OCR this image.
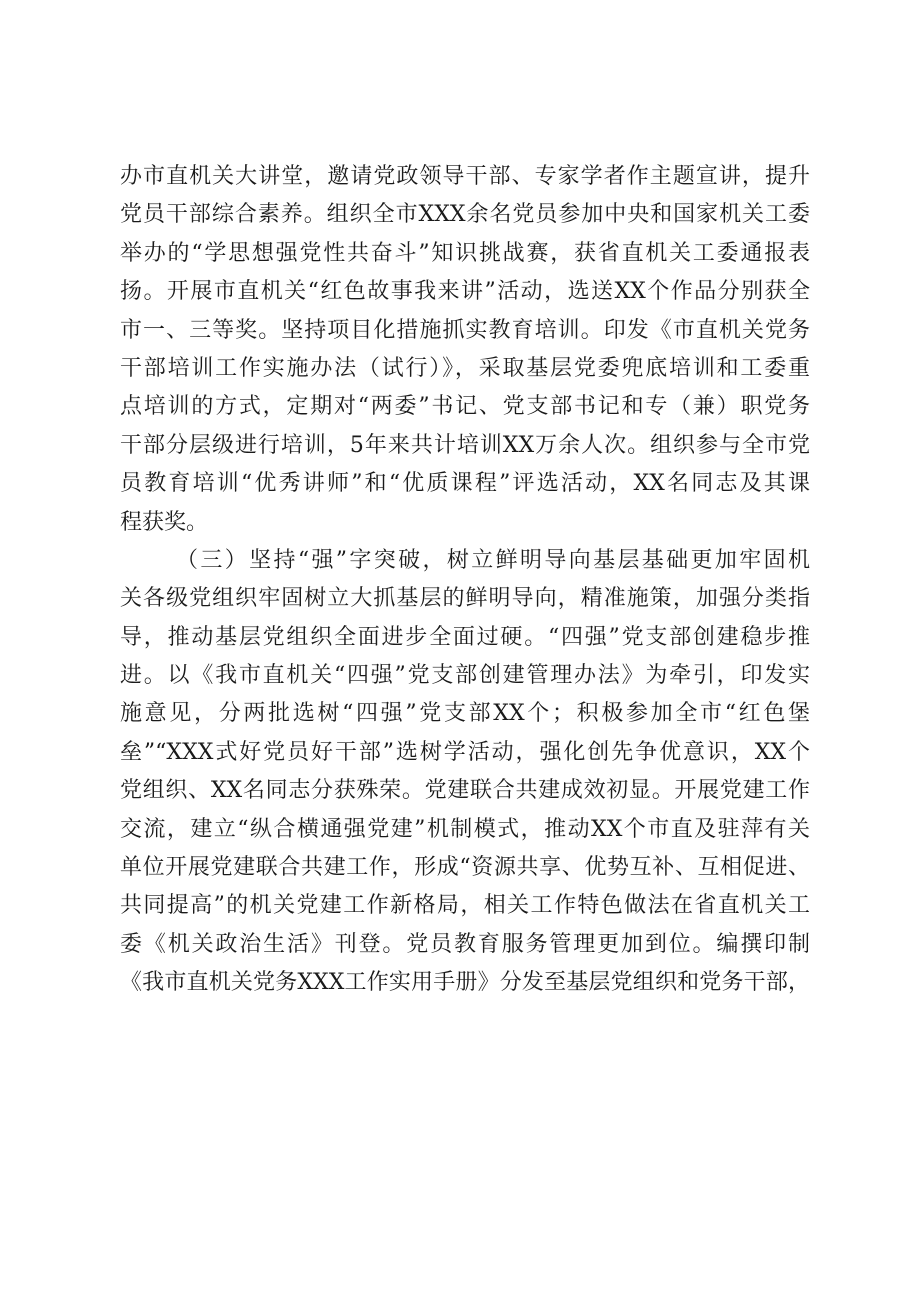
办市直机关大讲堂，邀请党政领导干部、专家学者作主题宣讲，提升
党员干部综合素养。组织全市XXX余名党员参加中央和国家机关工委
举办的“学思想强党性共奋斗”知识挑战赛，获省直机关工委通报表
扬。开展市直机关“红色故事我来讲”活动，选送XX个作品分别获全
市一、三等奖。坚持项目化措施抓实教育培训。印发《市直机关党务
干部培训工作实施办法（试行）》，采取基层党委兜底培训和工委重
点培训的方式，定期对“两委”书记、党支部书记和专（兼）职党务
干部分层级进行培训，5年来共计培训XX万余人次。组织参与全市党
员教育培训“优秀讲师”和“优质课程”评选活动，XX名同志及其课
程获奖。
（三）坚持“强”字突破，树立鲜明导向基层基础更加牢固机
关各级党组织牢固树立大抓基层的鲜明导向，精准施策，加强分类指
导，推动基层党组织全面进步全面过硬。“四强”党支部创建稳步推
进。以《我市直机关“四强”党支部创建管理办法》为牵引，印发实
施意见，分两批选树“四强”党支部XX个；积极参加全市“红色堡
垒”“XXX式好党员好干部”选树学活动，强化创先争优意识，XX个
党组织、XX名同志分获殊荣。党建联合共建成效初显。开展党建工作
交流，建立“纵合横通强党建”机制模式，推动XX个市直及驻萍有关
单位开展党建联合共建工作，形成“资源共享、优势互补、互相促进、
共同提高”的机关党建工作新格局，相关工作特色做法在省直机关工
委《机关政治生活》刊登。党员教育服务管理更加到位。编撰印制
《我市直机关党务XXX工作实用手册》分发至基层党组织和党务干部，
